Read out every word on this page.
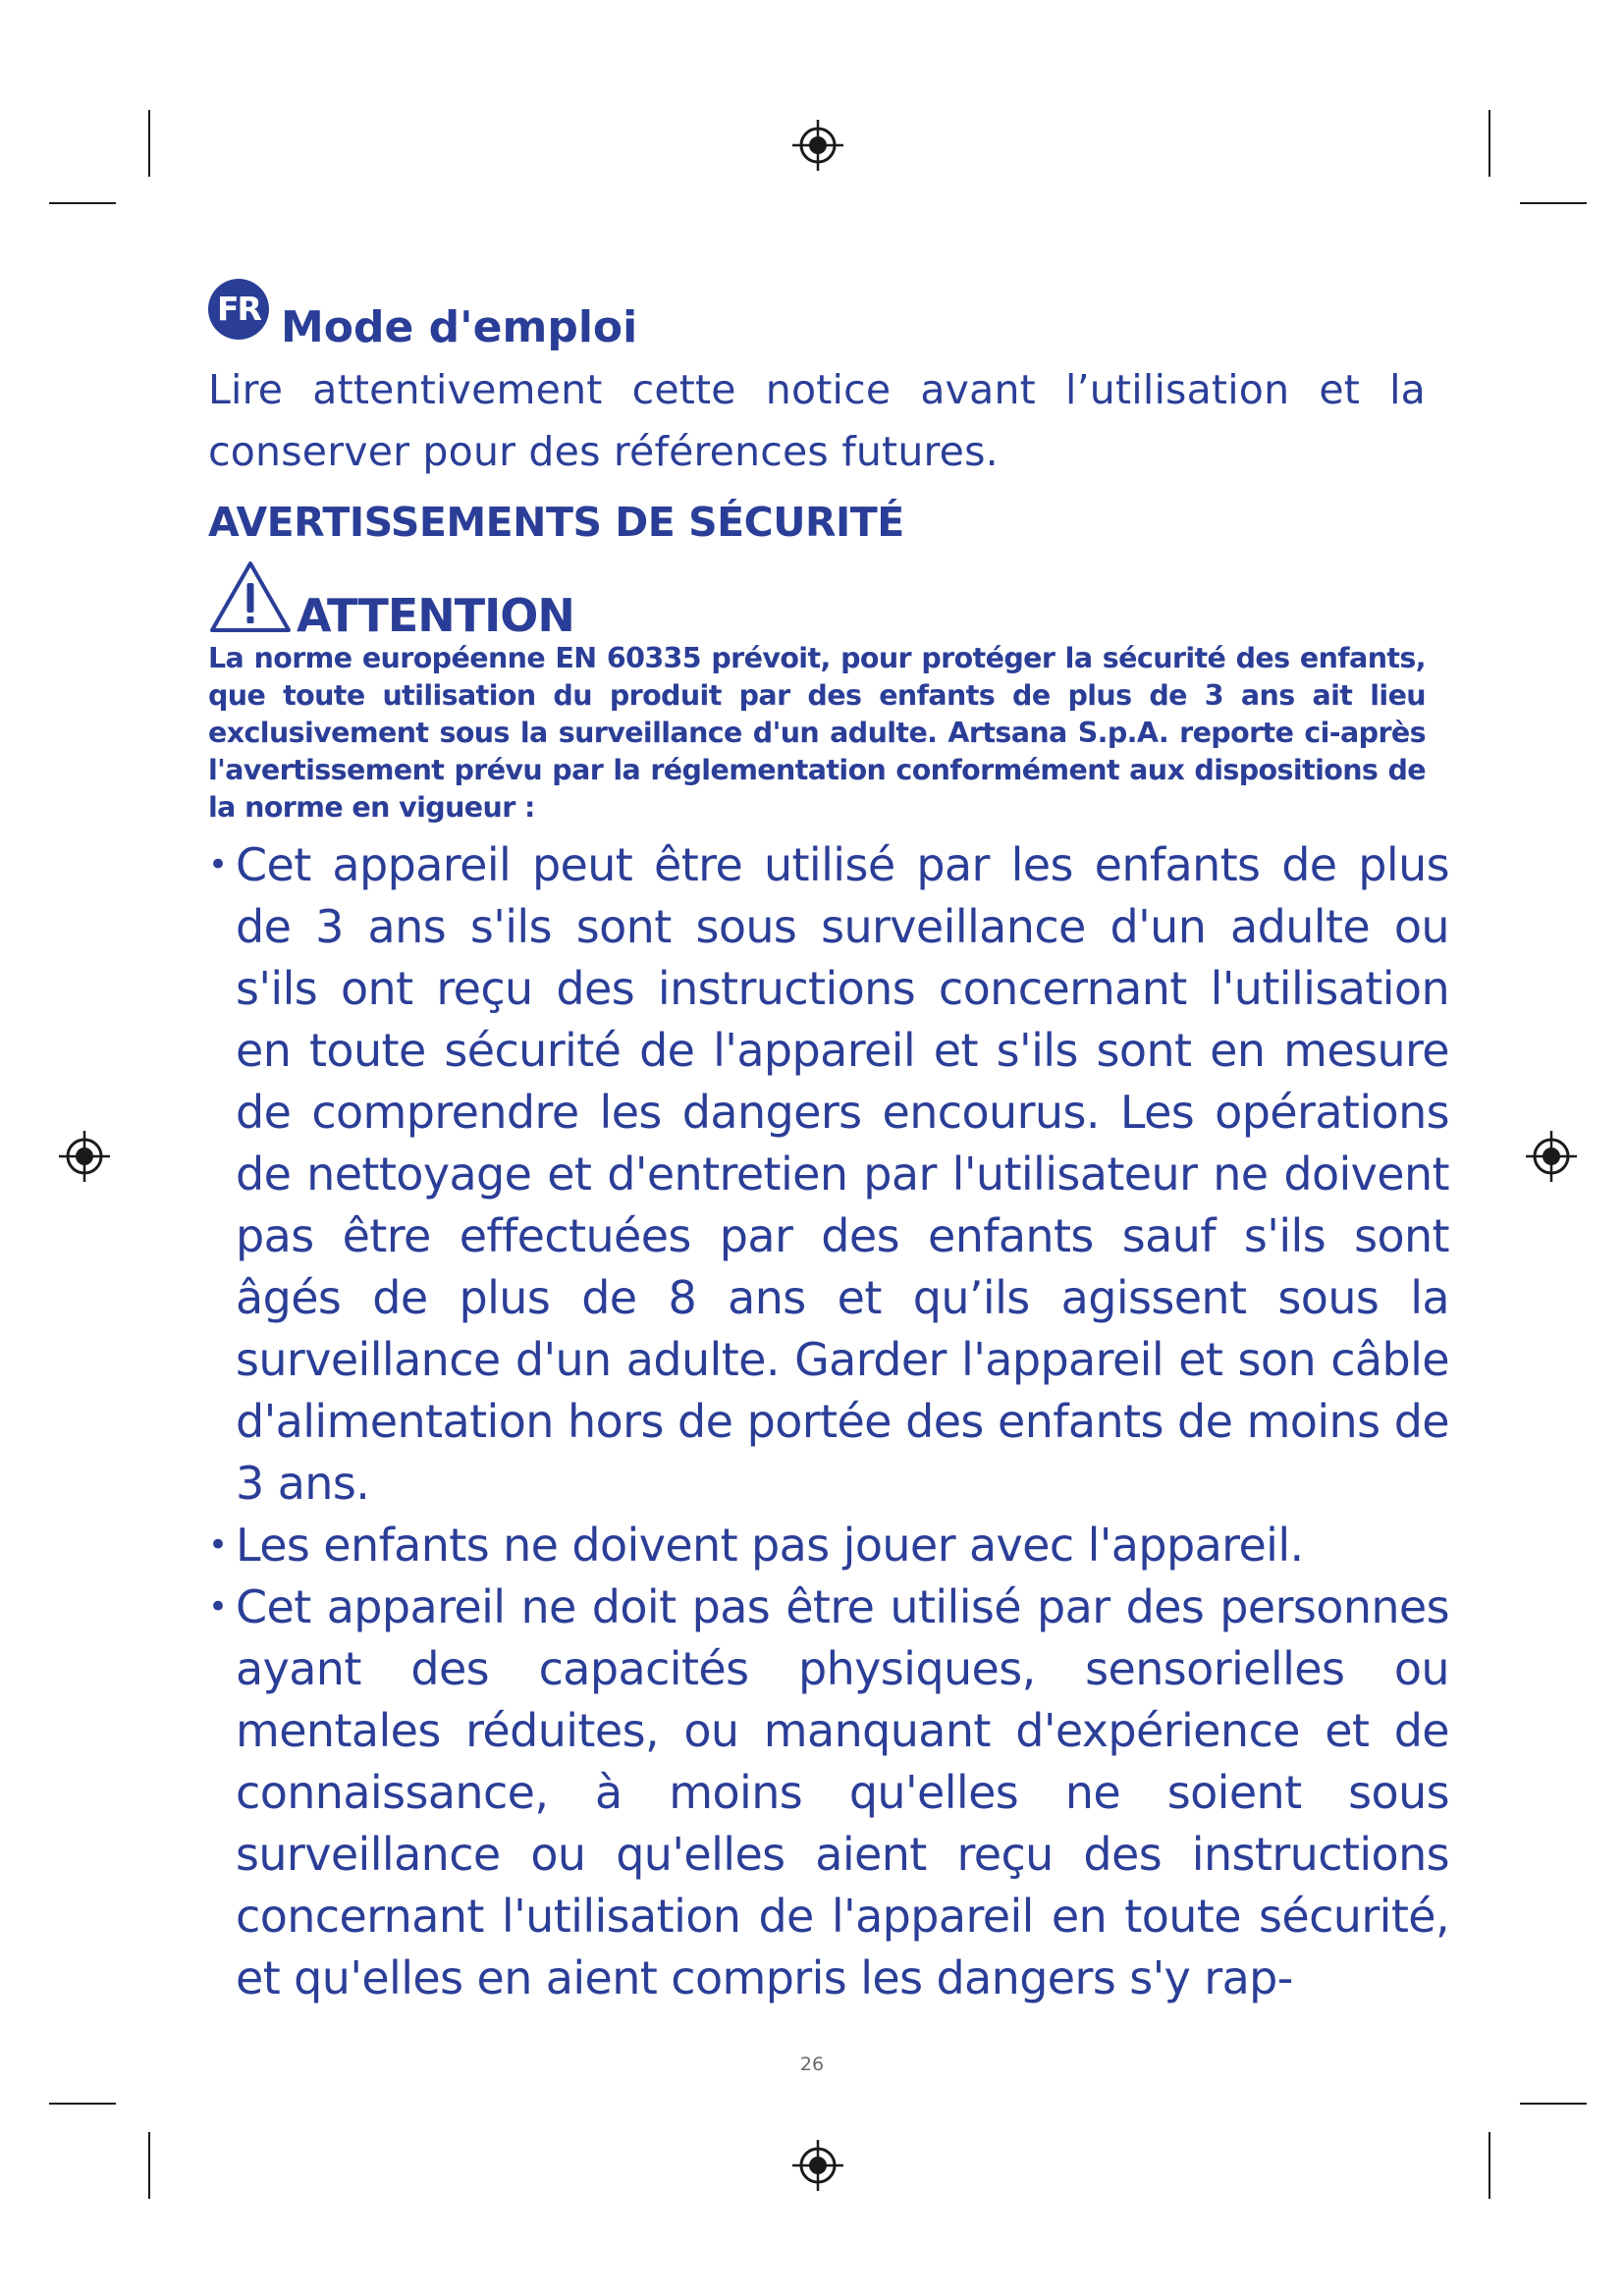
FR Mode d'emploi
Lire attentivement cette notice avant l’utilisation et la conserver pour des références futures.
AVERTISSEMENTS DE SÉCURITÉ
ATTENTION
La norme européenne EN 60335 prévoit, pour protéger la sécurité des enfants, que toute utilisation du produit par des enfants de plus de 3 ans ait lieu exclusivement sous la surveillance d'un adulte. Artsana S.p.A. reporte ci-après l'avertissement prévu par la réglementation conformément aux dispositions de la norme en vigueur :
• Cet appareil peut être utilisé par les enfants de plus de 3 ans s'ils sont sous surveillance d'un adulte ou s'ils ont reçu des instructions concernant l'utilisation en toute sécurité de l'appareil et s'ils sont en mesure de comprendre les dangers encourus. Les opérations de nettoyage et d'entretien par l'utilisateur ne doivent pas être effectuées par des enfants sauf s'ils sont âgés de plus de 8 ans et qu’ils agissent sous la surveillance d'un adulte. Garder l'appareil et son câble d'alimentation hors de portée des enfants de moins de 3 ans.
• Les enfants ne doivent pas jouer avec l'appareil.
• Cet appareil ne doit pas être utilisé par des personnes ayant des capacités physiques, sensorielles ou mentales réduites, ou manquant d'expérience et de connaissance, à moins qu'elles ne soient sous surveillance ou qu'elles aient reçu des instructions concernant l'utilisation de l'appareil en toute sécurité, et qu'elles en aient compris les dangers s'y rap-
26
